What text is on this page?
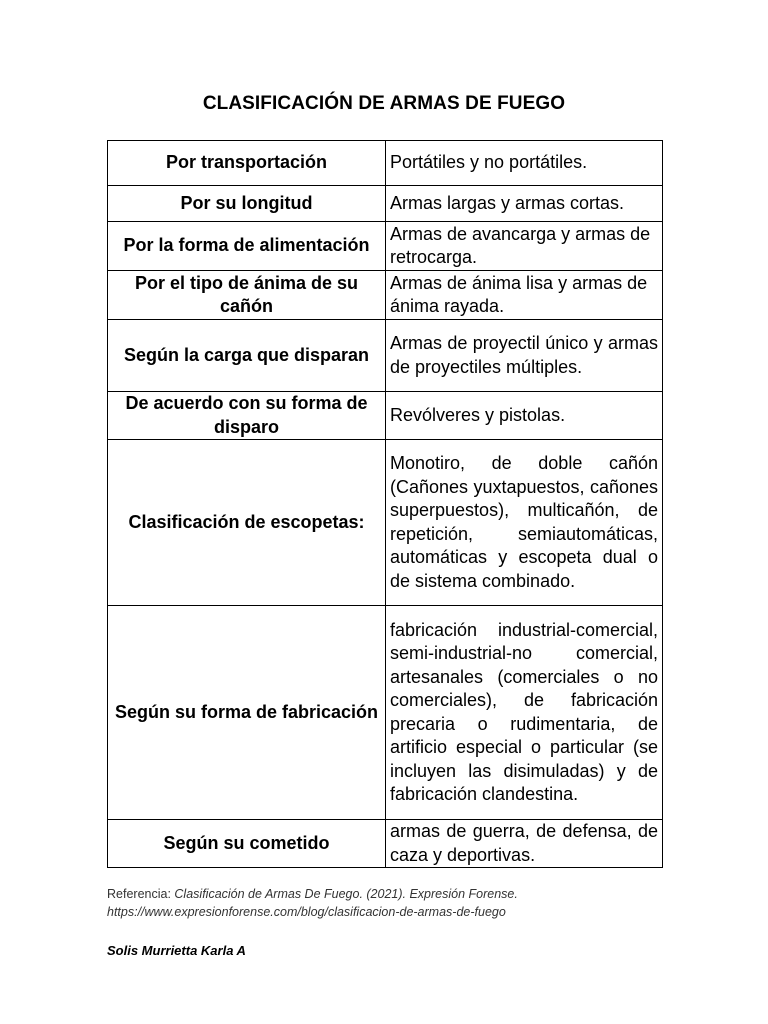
CLASIFICACIÓN DE ARMAS DE FUEGO
Por transportación	Portátiles y no portátiles.
Por su longitud	Armas largas y armas cortas.
Por la forma de alimentación	Armas de avancarga y armas de retrocarga.
Por el tipo de ánima de su cañón	Armas de ánima lisa y armas de ánima rayada.
Según la carga que disparan	Armas de proyectil único y armas de proyectiles múltiples.
De acuerdo con su forma de disparo	Revólveres y pistolas.
Clasificación de escopetas:	Monotiro, de doble cañón (Cañones yuxtapuestos, cañones superpuestos), multicañón, de repetición, semiautomáticas, automáticas y escopeta dual o de sistema combinado.
Según su forma de fabricación	fabricación industrial-comercial, semi-industrial-no comercial, artesanales (comerciales o no comerciales), de fabricación precaria o rudimentaria, de artificio especial o particular (se incluyen las disimuladas) y de fabricación clandestina.
Según su cometido	armas de guerra, de defensa, de caza y deportivas.
Referencia: Clasificación de Armas De Fuego. (2021). Expresión Forense.
https://www.expresionforense.com/blog/clasificacion-de-armas-de-fuego
Solis Murrietta Karla A
